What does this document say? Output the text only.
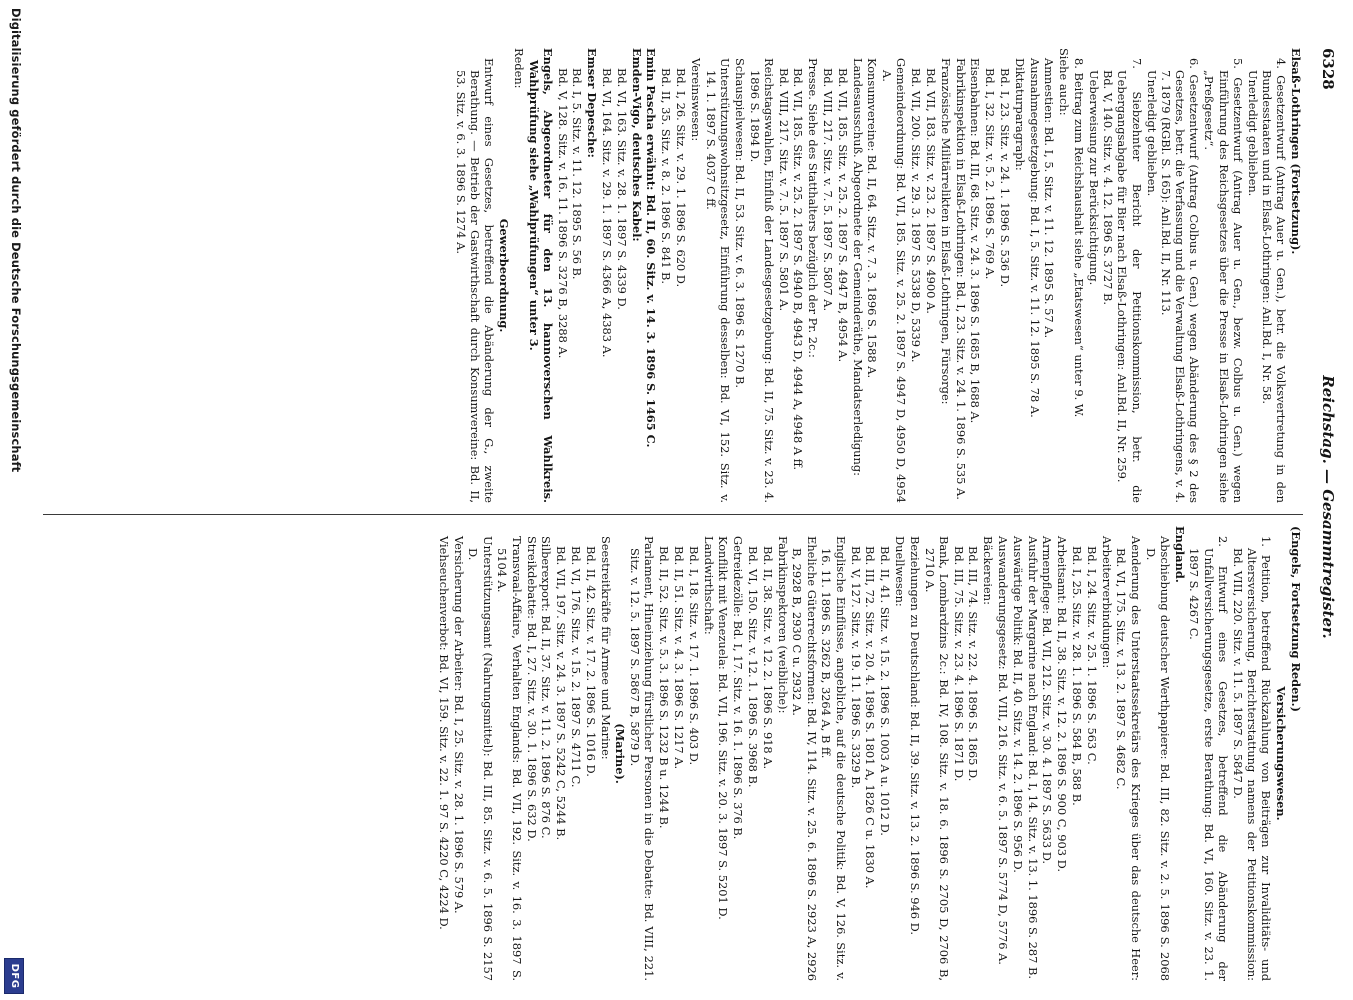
6328
Reichstag. — Gesammtregister.

Elsaß-Lothringen (Fortsetzung).

4. Gesetzentwurf (Antrag Auer u. Gen.), betr. die Volksvertretung in den Bundesstaaten und in Elsaß-Lothringen: Anl.Bd. I, Nr. 58.
Unerledigt geblieben.

5. Gesetzentwurf (Antrag Auer u. Gen., bezw. Colbus u. Gen.) wegen Einführung des Reichsgesetzes über die Presse in Elsaß-Lothringen siehe „Preßgesetz“.

6. Gesetzentwurf (Antrag Colbus u. Gen.) wegen Abänderung des § 2 des Gesetzes, betr. die Verfassung und die Verwaltung Elsaß-Lothringens, v. 4. 7. 1879 (RGBl. S. 165): Anl.Bd. II, Nr. 113.
Unerledigt geblieben.

7. Siebzehnter Bericht der Petitionskommission, betr. die Uebergangsabgabe für Bier nach Elsaß-Lothringen: Anl.Bd. II, Nr. 259.
Bd. V, 140. Sitz. v. 4. 12. 1896 S. 3727 B.
Ueberweisung zur Berücksichtigung.

8. Beitrag zum Reichshaushalt siehe „Etatswesen“ unter 9. W.

Siehe auch:

Amnestien: Bd. I, 5. Sitz. v. 11. 12. 1895 S. 57 A.

Ausnahmegesetzgebung: Bd. I, 5. Sitz. v. 11. 12. 1895 S. 78 A.

Diktaturparagraph:

Bd. I, 23. Sitz. v. 24. 1. 1896 S. 536 D.

Bd. I, 32. Sitz. v. 5. 2. 1896 S. 769 A.

Eisenbahnen: Bd. III, 68. Sitz. v. 24. 3. 1896 S. 1685 B, 1688 A.

Fabrikinspektion in Elsaß-Lothringen: Bd. I, 23. Sitz. v. 24. 1. 1896 S. 535 A.

Französische Militärrelikten in Elsaß-Lothringen, Fürsorge:

Bd. VII, 183. Sitz. v. 23. 2. 1897 S. 4900 A.

Bd. VII, 200. Sitz. v. 29. 3. 1897 S. 5338 D, 5339 A.

Gemeindeordnung: Bd. VII, 185. Sitz. v. 25. 2. 1897 S. 4947 D, 4950 D, 4954 A.

Konsumvereine: Bd. II, 64. Sitz. v. 7. 3. 1896 S. 1588 A.

Landesausschuß. Abgeordnete der Gemeinderäthe, Mandatserledigung:

Bd. VII, 185. Sitz. v. 25. 2. 1897 S. 4947 B, 4954 A.

Bd. VIII, 217. Sitz. v. 7. 5. 1897 S. 5807 A.

Presse. Siehe des Statthalters bezüglich der Pr. 2c.:

Bd. VII, 185. Sitz. v. 25. 2. 1897 S. 4940 B, 4943 D, 4944 A, 4948 A ff.

Bd. VIII, 217. Sitz. v. 7. 5. 1897 S. 5801 A.

Reichstagswahlen, Einfluß der Landesgesetzgebung: Bd. II, 75. Sitz. v. 23. 4. 1896 S. 1894 D.

Schauspielwesen: Bd. II, 53. Sitz. v. 6. 3. 1896 S. 1270 B.

Unterstützungswohnsitzgesetz, Einführung desselben: Bd. VI, 152. Sitz. v. 14. 1. 1897 S. 4037 C ff.

Vereinswesen:

Bd. I, 26. Sitz. v. 29. 1. 1896 S. 620 D.

Bd. II, 35. Sitz. v. 8. 2. 1896 S. 841 B.

Emin Pascha erwähnt: Bd. II, 60. Sitz. v. 14. 3. 1896 S. 1465 C.

Emden-Vigo, deutsches Kabel:

Bd. VI, 163. Sitz. v. 28. 1. 1897 S. 4339 D.

Bd. VI, 164. Sitz. v. 29. 1. 1897 S. 4366 A, 4383 A.

Emser Depesche:

Bd. I, 5. Sitz. v. 11. 12. 1895 S. 56 B.

Bd. V, 128. Sitz. v. 16. 11. 1896 S. 3276 B, 3288 A.

Engels, Abgeordneter für den 13. hannoverschen Wahlkreis. Wahlprüfung siehe „Wahlprüfungen“ unter 3.

Reden:

Gewerbeordnung.

Entwurf eines Gesetzes, betreffend die Abänderung der G., zweite Berathung. — Betrieb der Gastwirthschaft durch Konsumvereine: Bd. II, 53. Sitz. v. 6. 3. 1896 S. 1274 A.

(Engels, Fortsetzung Reden.)

Versicherungswesen.

1. Petition, betreffend Rückzahlung von Beiträgen zur Invaliditäts- und Altersversicherung, Berichterstattung namens der Petitionskommission: Bd. VIII, 220. Sitz. v. 11. 5. 1897 S. 5847 D.

2. Entwurf eines Gesetzes, betreffend die Abänderung der Unfallversicherungsgesetze, erste Berathung: Bd. VI, 160. Sitz. v. 23. 1. 1897 S. 4267 C.

England.

Abschiebung deutscher Werthpapiere: Bd. III, 82. Sitz. v. 2. 5. 1896 S. 2068 D.

Aenderung des Unterstaatssekretärs des Krieges über das deutsche Heer: Bd. VI, 175. Sitz. v. 13. 2. 1897 S. 4682 C.

Arbeiterverbindungen:

Bd. I, 24. Sitz. v. 25. 1. 1896 S. 563 C.

Bd. I, 25. Sitz. v. 28. 1. 1896 S. 584 B, 588 B.

Arbeitsamt: Bd. II, 38. Sitz. v. 12. 2. 1896 S. 900 C, 903 D.

Armenpflege: Bd. VII, 212. Sitz. v. 30. 4. 1897 S. 5633 D.

Ausfuhr der Margarine nach England: Bd. I, 14. Sitz. v. 13. 1. 1896 S. 287 B.

Auswärtige Politik: Bd. II, 40. Sitz. v. 14. 2. 1896 S. 956 D.

Auswanderungsgesetz: Bd. VIII, 216. Sitz. v. 6. 5. 1897 S. 5774 D, 5776 A.

Bäckereien:

Bd. III, 74. Sitz. v. 22. 4. 1896 S. 1865 D.

Bd. III, 75. Sitz. v. 23. 4. 1896 S. 1871 D.

Bank, Lombardzins 2c.: Bd. IV, 108. Sitz. v. 18. 6. 1896 S. 2705 D, 2706 B, 2710 A.

Beziehungen zu Deutschland: Bd. II, 39. Sitz. v. 13. 2. 1896 S. 946 D.

Duellwesen:

Bd. II, 41. Sitz. v. 15. 2. 1896 S. 1003 A u. 1012 D.

Bd. III, 72. Sitz. v. 20. 4. 1896 S. 1801 A, 1826 C u. 1830 A.

Bd. V, 127. Sitz. v. 19. 11. 1896 S. 3329 B.

Englische Einflüsse, angebliche, auf die deutsche Politik: Bd. V, 126. Sitz. v. 16. 11. 1896 S. 3262 B, 3264 A, B ff.

Eheliche Güterrechtsformen: Bd. IV, 114. Sitz. v. 25. 6. 1896 S. 2923 A, 2926 B, 2928 B, 2930 C u. 2932 A.

Fabrikinspektoren (weibliche):

Bd. II, 38. Sitz. v. 12. 2. 1896 S. 918 A.

Bd. VI, 150. Sitz. v. 12. 1. 1896 S. 3968 B.

Getreidezölle: Bd. I, 17. Sitz. v. 16. 1. 1896 S. 376 B.

Konflikt mit Venezuela: Bd. VII, 196. Sitz. v. 20. 3. 1897 S. 5201 D.

Landwirthschaft:

Bd. I, 18. Sitz. v. 17. 1. 1896 S. 403 D.

Bd. II, 51. Sitz. v. 4. 3. 1896 S. 1217 A.

Bd. II, 52. Sitz. v. 5. 3. 1896 S. 1232 B u. 1244 B.

Parlament, Hineinziehung fürstlicher Personen in die Debatte: Bd. VIII, 221. Sitz. v. 12. 5. 1897 S. 5867 B, 5879 D.

(Marine).

Seestreitkräfte für Armee und Marine:

Bd. II, 42. Sitz. v. 17. 2. 1896 S. 1016 D.

Bd. VI, 176. Sitz. v. 15. 2. 1897 S. 4711 C.

Bd. VII, 197. Sitz. v. 24. 3. 1897 S. 5242 C, 5244 B.

Silberexport: Bd. II, 37. Sitz. v. 11. 2. 1896 S. 876 C.

Streikdebatte: Bd. I, 27. Sitz. v. 30. 1. 1896 S. 632 D.

Transvaal-Affaire, Verhalten Englands: Bd. VII, 192. Sitz. v. 16. 3. 1897 S. 5104 A.

Unterstützungsamt (Nahrungsmittel): Bd. III, 85. Sitz. v. 6. 5. 1896 S. 2157 D.

Versicherung der Arbeiter: Bd. I, 25. Sitz. v. 28. 1. 1896 S. 579 A.

Viehseuchenverbot: Bd. VI, 159. Sitz. v. 22. 1. 97 S. 4220 C, 4224 D.

Digitalisierung gefördert durch die Deutsche Forschungsgemeinschaft
DFG
